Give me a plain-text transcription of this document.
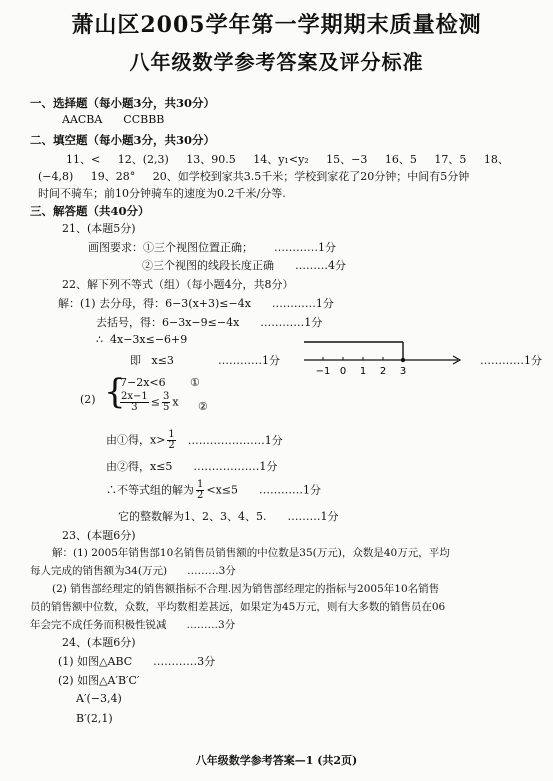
萧山区2005学年第一学期期末质量检测
八年级数学参考答案及评分标准
一、选择题（每小题3分，共30分）
AACBA      CCBBB
二、填空题（每小题3分，共30分）
11、<     12、(2,3)     13、90.5     14、y₁<y₂     15、−3     16、5     17、5     18、
(−4,8)     19、28°     20、如学校到家共3.5千米；学校到家花了20分钟；中间有5分钟
时间不骑车；前10分钟骑车的速度为0.2千米/分等.
三、解答题（共40分）
21、(本题5分)
画图要求：①三个视图位置正确；      …………1分
②三个视图的线段长度正确      ………4分
22、解下列不等式（组）（每小题4分，共8分）
解：(1) 去分母，得：6−3(x+3)≤−4x      …………1分
去括号，得：6−3x−9≤−4x      …………1分
∴  4x−3x≤−6+9
即   x≤3	…………1分
−1 0 1 2 3
…………1分
(2) {
7−2x<6 ①
$\frac{2x-1}{3} \le \frac{3}{5}$ x ②
由①得，$x> \frac{1}{2}$ …………………1分
由②得，x≤5      ………………1分
∴不等式组的解为 $\frac{1}{2} <x\le 5$      …………1分
它的整数解为1、2、3、4、5.      ………1分
23、(本题6分)
解：(1) 2005年销售部10名销售员销售额的中位数是35(万元)，众数是40万元，平均
每人完成的销售额为34(万元)      ………3分
(2) 销售部经理定的销售额指标不合理.因为销售部经理定的指标与2005年10名销售
员的销售额中位数，众数，平均数相差甚远，如果定为45万元，则有大多数的销售员在06
年会完不成任务而积极性锐减      ………3分
24、(本题6分)
(1) 如图△ABC      …………3分
(2) 如图△A′B′C′
A′(−3,4)
B′(2,1)
八年级数学参考答案—1 (共2页)
